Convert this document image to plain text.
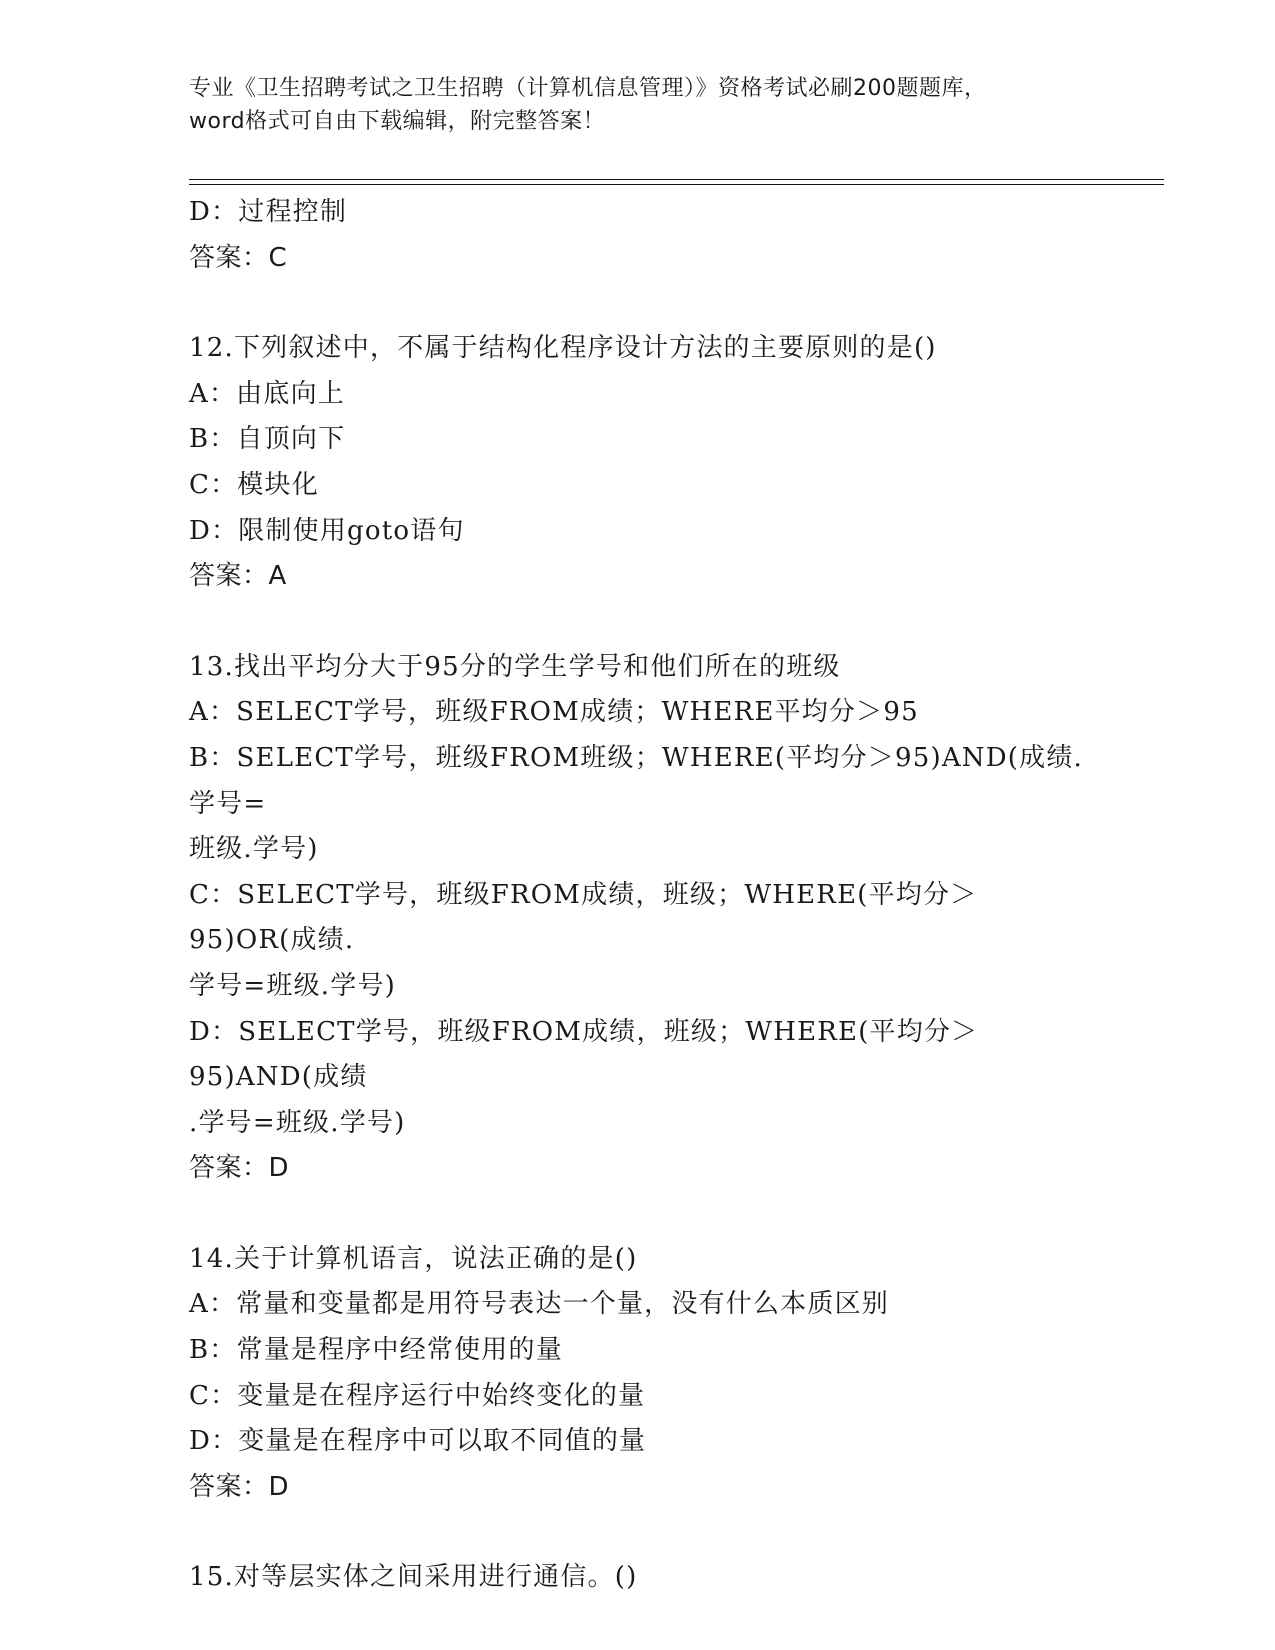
专业《卫生招聘考试之卫生招聘（计算机信息管理）》资格考试必刷200题题库，
word格式可自由下载编辑，附完整答案！
D：过程控制
答案：C
12.下列叙述中，不属于结构化程序设计方法的主要原则的是()
A：由底向上
B：自顶向下
C：模块化
D：限制使用goto语句
答案：A
13.找出平均分大于95分的学生学号和他们所在的班级
A：SELECT学号，班级FROM成绩；WHERE平均分＞95
B：SELECT学号，班级FROM班级；WHERE(平均分＞95)AND(成绩.学号=
班级.学号)
C：SELECT学号，班级FROM成绩，班级；WHERE(平均分＞95)OR(成绩.
学号=班级.学号)
D：SELECT学号，班级FROM成绩，班级；WHERE(平均分＞95)AND(成绩
.学号=班级.学号)
答案：D
14.关于计算机语言，说法正确的是()
A：常量和变量都是用符号表达一个量，没有什么本质区别
B：常量是程序中经常使用的量
C：变量是在程序运行中始终变化的量
D：变量是在程序中可以取不同值的量
答案：D
15.对等层实体之间采用进行通信。()
